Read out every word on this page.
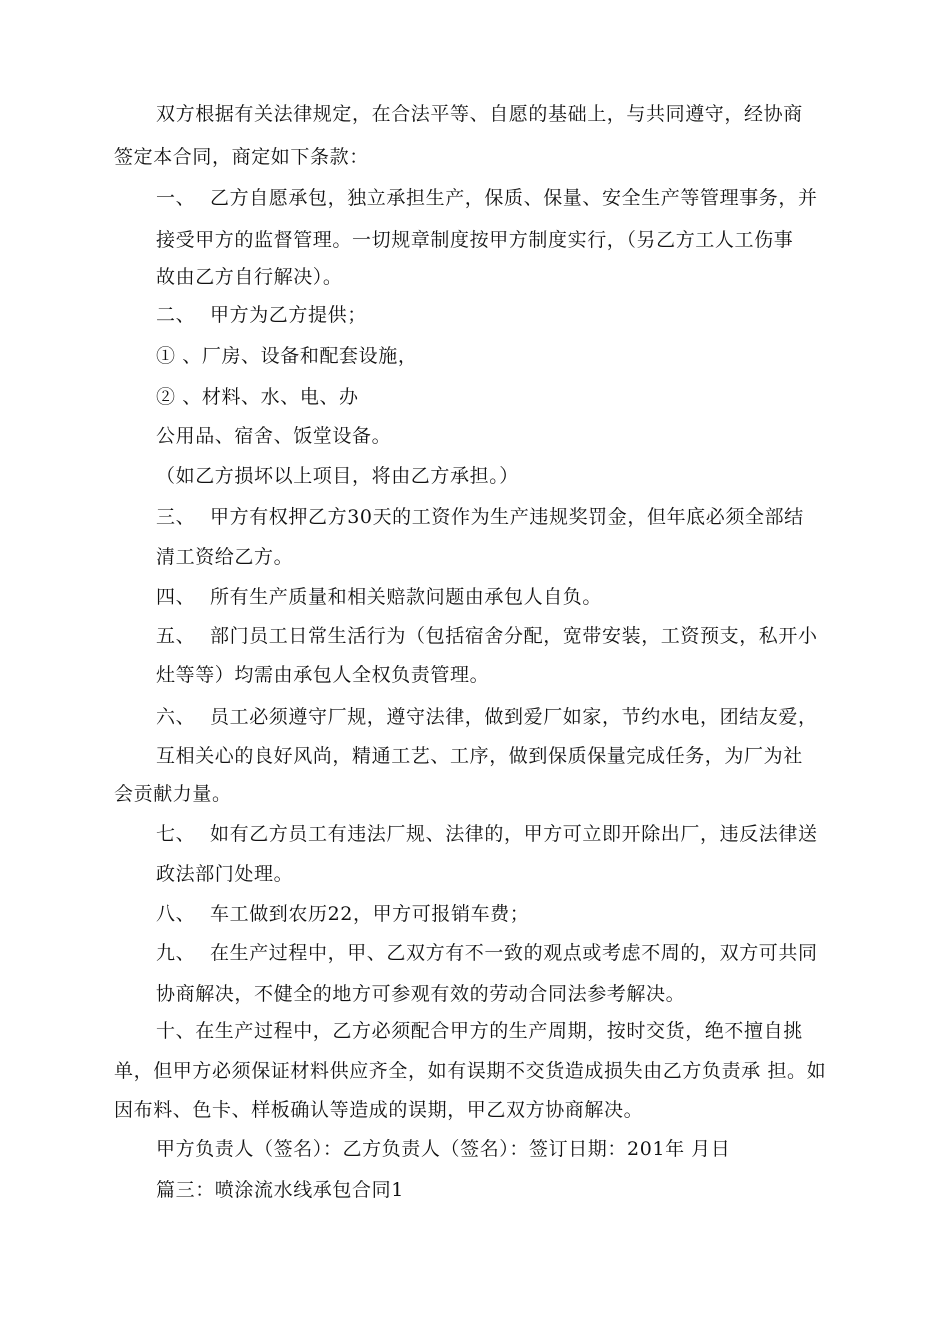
双方根据有关法律规定，在合法平等、自愿的基础上，与共同遵守，经协商
签定本合同，商定如下条款：
一、 乙方自愿承包，独立承担生产，保质、保量、安全生产等管理事务，并
接受甲方的监督管理。一切规章制度按甲方制度实行，（另乙方工人工伤事
故由乙方自行解决）。
二、 甲方为乙方提供；
① 、厂房、设备和配套设施，
② 、材料、水、电、办
公用品、宿舍、饭堂设备。
（如乙方损坏以上项目，将由乙方承担。）
三、 甲方有权押乙方30天的工资作为生产违规奖罚金，但年底必须全部结
清工资给乙方。
四、 所有生产质量和相关赔款问题由承包人自负。
五、 部门员工日常生活行为（包括宿舍分配，宽带安装，工资预支，私开小
灶等等）均需由承包人全权负责管理。
六、 员工必须遵守厂规，遵守法律，做到爱厂如家，节约水电，团结友爱，
互相关心的良好风尚，精通工艺、工序，做到保质保量完成任务，为厂为社
会贡献力量。
七、 如有乙方员工有违法厂规、法律的，甲方可立即开除出厂，违反法律送
政法部门处理。
八、 车工做到农历22，甲方可报销车费；
九、 在生产过程中，甲、乙双方有不一致的观点或考虑不周的，双方可共同
协商解决，不健全的地方可参观有效的劳动合同法参考解决。
十、在生产过程中，乙方必须配合甲方的生产周期，按时交货，绝不擅自挑
单，但甲方必须保证材料供应齐全，如有误期不交货造成损失由乙方负责承 担。如
因布料、色卡、样板确认等造成的误期，甲乙双方协商解决。
甲方负责人（签名）：乙方负责人（签名）：签订日期：201年 月日
篇三：喷涂流水线承包合同1
